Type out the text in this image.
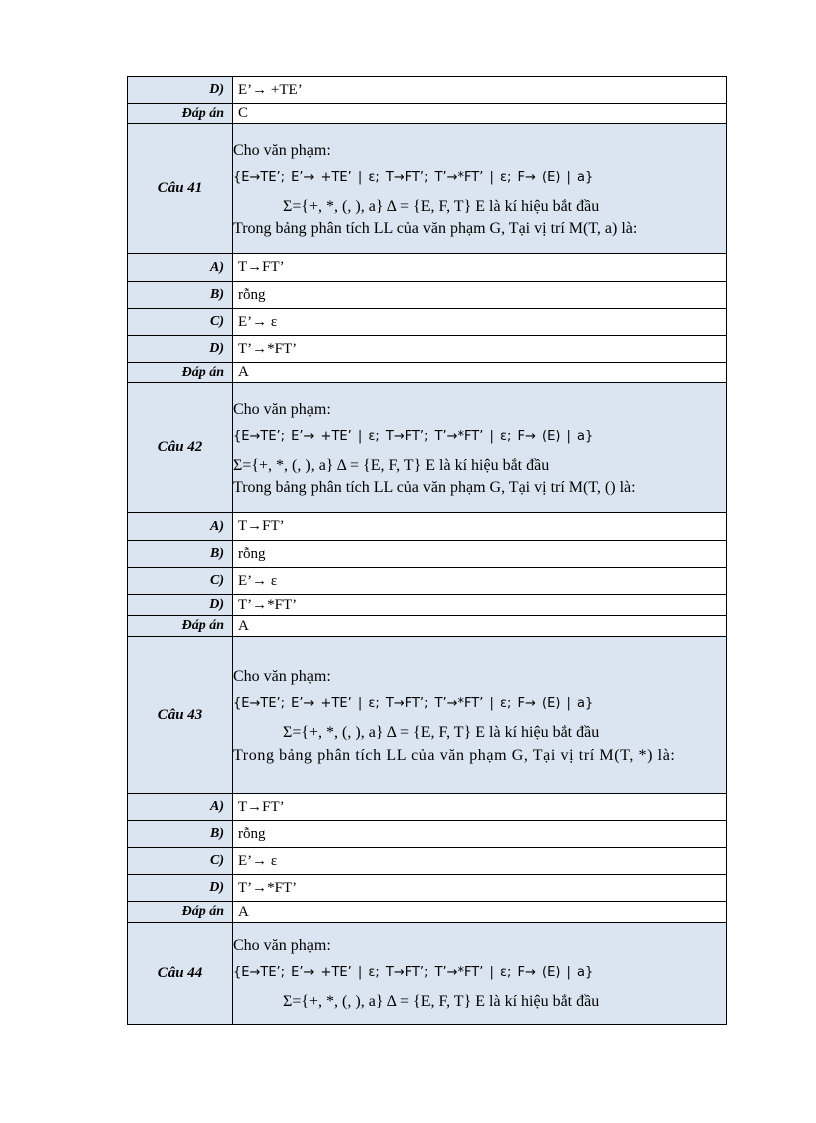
D)	E’→ +TE’
Đáp án	C
Câu 41	Cho văn phạm:
{E→TE’; E’→ +TE’ | ε; T→FT’; T’→*FT’ | ε; F→ (E) | a}
Σ={+, *, (, ), a} Δ = {E, F, T} E là kí hiệu bắt đầu
Trong bảng phân tích LL của văn phạm G, Tại vị trí M(T, a) là:

A)	T→FT’
B)	rỗng
C)	E’→ ε
D)	T’→*FT’
Đáp án	A
Câu 42	Cho văn phạm:
{E→TE’; E’→ +TE’ | ε; T→FT’; T’→*FT’ | ε; F→ (E) | a}
Σ={+, *, (, ), a} Δ = {E, F, T} E là kí hiệu bắt đầu
Trong bảng phân tích LL của văn phạm G, Tại vị trí M(T, () là:

A)	T→FT’
B)	rỗng
C)	E’→ ε
D)	T’→*FT’
Đáp án	A
Câu 43	Cho văn phạm:
{E→TE’; E’→ +TE’ | ε; T→FT’; T’→*FT’ | ε; F→ (E) | a}
Σ={+, *, (, ), a} Δ = {E, F, T} E là kí hiệu bắt đầu
Trong bảng phân tích LL của văn phạm G, Tại vị trí M(T, *) là:

A)	T→FT’
B)	rỗng
C)	E’→ ε
D)	T’→*FT’
Đáp án	A
Câu 44	Cho văn phạm:
{E→TE’; E’→ +TE’ | ε; T→FT’; T’→*FT’ | ε; F→ (E) | a}
Σ={+, *, (, ), a} Δ = {E, F, T} E là kí hiệu bắt đầu
